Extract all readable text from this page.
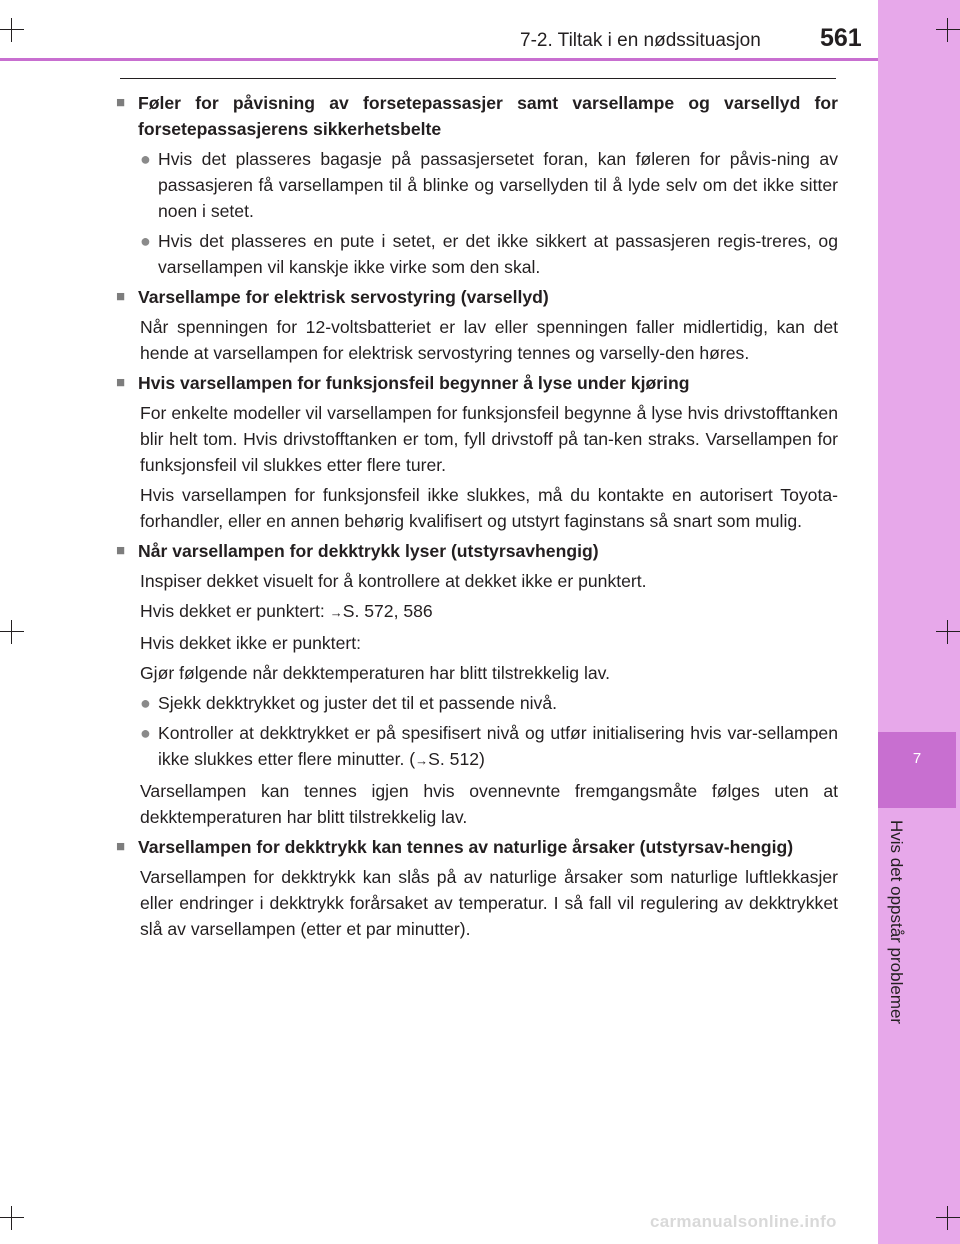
7
Hvis det oppstår problemer
7-2. Tiltak i en nødssituasjon 561
■ Føler for påvisning av forsetepassasjer samt varsellampe og varsellyd for forsetepassasjerens sikkerhetsbelte
● Hvis det plasseres bagasje på passasjersetet foran, kan føleren for påvis-ning av passasjeren få varsellampen til å blinke og varsellyden til å lyde selv om det ikke sitter noen i setet.
● Hvis det plasseres en pute i setet, er det ikke sikkert at passasjeren regis-treres, og varsellampen vil kanskje ikke virke som den skal.
■ Varsellampe for elektrisk servostyring (varsellyd)
Når spenningen for 12-voltsbatteriet er lav eller spenningen faller midlertidig, kan det hende at varsellampen for elektrisk servostyring tennes og varselly-den høres.
■ Hvis varsellampen for funksjonsfeil begynner å lyse under kjøring
For enkelte modeller vil varsellampen for funksjonsfeil begynne å lyse hvis drivstofftanken blir helt tom. Hvis drivstofftanken er tom, fyll drivstoff på tan-ken straks. Varsellampen for funksjonsfeil vil slukkes etter flere turer.
Hvis varsellampen for funksjonsfeil ikke slukkes, må du kontakte en autorisert Toyota-forhandler, eller en annen behørig kvalifisert og utstyrt faginstans så snart som mulig.
■ Når varsellampen for dekktrykk lyser (utstyrsavhengig)
Inspiser dekket visuelt for å kontrollere at dekket ikke er punktert.
Hvis dekket er punktert: →S. 572, 586
Hvis dekket ikke er punktert:
Gjør følgende når dekktemperaturen har blitt tilstrekkelig lav.
● Sjekk dekktrykket og juster det til et passende nivå.
● Kontroller at dekktrykket er på spesifisert nivå og utfør initialisering hvis var-sellampen ikke slukkes etter flere minutter. (→S. 512)
Varsellampen kan tennes igjen hvis ovennevnte fremgangsmåte følges uten at dekktemperaturen har blitt tilstrekkelig lav.
■ Varsellampen for dekktrykk kan tennes av naturlige årsaker (utstyrsav-hengig)
Varsellampen for dekktrykk kan slås på av naturlige årsaker som naturlige luftlekkasjer eller endringer i dekktrykk forårsaket av temperatur. I så fall vil regulering av dekktrykket slå av varsellampen (etter et par minutter).
carmanualsonline.info
